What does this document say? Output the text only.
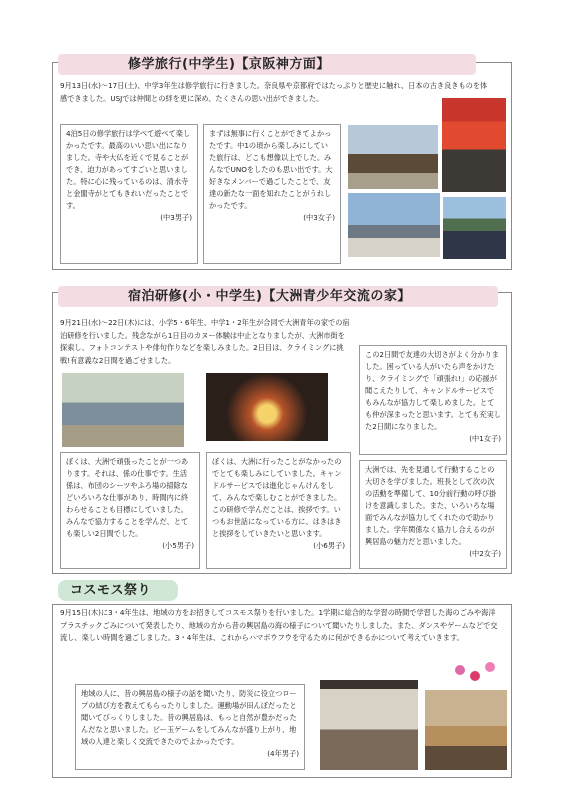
修学旅行(中学生)【京阪神方面】
9月13日(水)～17日(土)、中学3年生は修学旅行に行きました。奈良県や京都府ではたっぷりと歴史に触れ、日本の古き良きものを体感できました。USJでは仲間との絆を更に深め、たくさんの思い出ができました。

4泊5日の修学旅行は学べて遊べて楽しかったです。最高のいい思い出になりました。寺や大仏を近くで見ることができ、迫力があってすごいと思いました。特に心に残っているのは、清水寺と金閣寺がとてもきれいだったことです。

(中3男子)

まずは無事に行くことができてよかったです。中1の頃から楽しみにしていた旅行は、どこも想像以上でした。みんなでUNOをしたのも思い出です。大好きなメンバーで過ごしたことで、友達の新たな一面を知れたことがうれしかったです。

(中3女子)
宿泊研修(小・中学生)【大洲青少年交流の家】
9月21日(水)～22日(木)には、小学5・6年生、中学1・2年生が合同で大洲青年の家での宿泊研修を行いました。残念ながら1日目のカヌー体験は中止となりましたが、大洲市街を探索し、フォトコンテストや俳句作りなどを楽しみました。2日目は、クライミングに挑戦!有意義な2日間を過ごせました。

この2日間で友達の大切さがよく分かりました。困っている人がいたら声をかけたり、クライミングで「頑張れ!」の応援が聞こえたりして、キャンドルサービスでもみんなが協力して楽しめました。とても仲が深まったと思います。とても充実した2日間になりました。

(中1女子)

ぼくは、大洲で頑張ったことが一つあります。それは、係の仕事です。生活係は、布団のシーツやふろ場の掃除などいろいろな仕事があり、時間内に終わらせることも目標にしていました。みんなで協力することを学んだ、とても楽しい2日間でした。

(小5男子)

ぼくは、大洲に行ったことがなかったのでとても楽しみにしていました。キャンドルサービスでは進化じゃんけんをして、みんなで楽しむことができました。この研修で学んだことは、挨拶です。いつもお世話になっている方に、はきはきと挨拶をしていきたいと思います。

(小6男子)

大洲では、先を見通して行動することの大切さを学びました。班長として次の次の活動を準備して、10分前行動の呼び掛けを意識しました。また、いろいろな場面でみんなが協力してくれたので助かりました。学年関係なく協力し合えるのが興居島の魅力だと思いました。

(中2女子)
コスモス祭り
9月15日(木)に3・4年生は、地域の方をお招きしてコスモス祭りを行いました。1学期に総合的な学習の時間で学習した海のごみや海洋プラスチックごみについて発表したり、地域の方から昔の興居島の海の様子について聞いたりしました。また、ダンスやゲームなどで交流し、楽しい時間を過ごしました。3・4年生は、これからハマボウフウを守るために何ができるかについて考えていきます。

地域の人に、昔の興居島の様子の話を聞いたり、防災に役立つロープの結び方を教えてもらったりしました。運動場が田んぼだったと聞いてびっくりしました。昔の興居島は、もっと自然が豊かだったんだなと思いました。ビー玉ゲームをしてみんなが盛り上がり、地域の人達と楽しく交流できたのでよかったです。

(4年男子)
